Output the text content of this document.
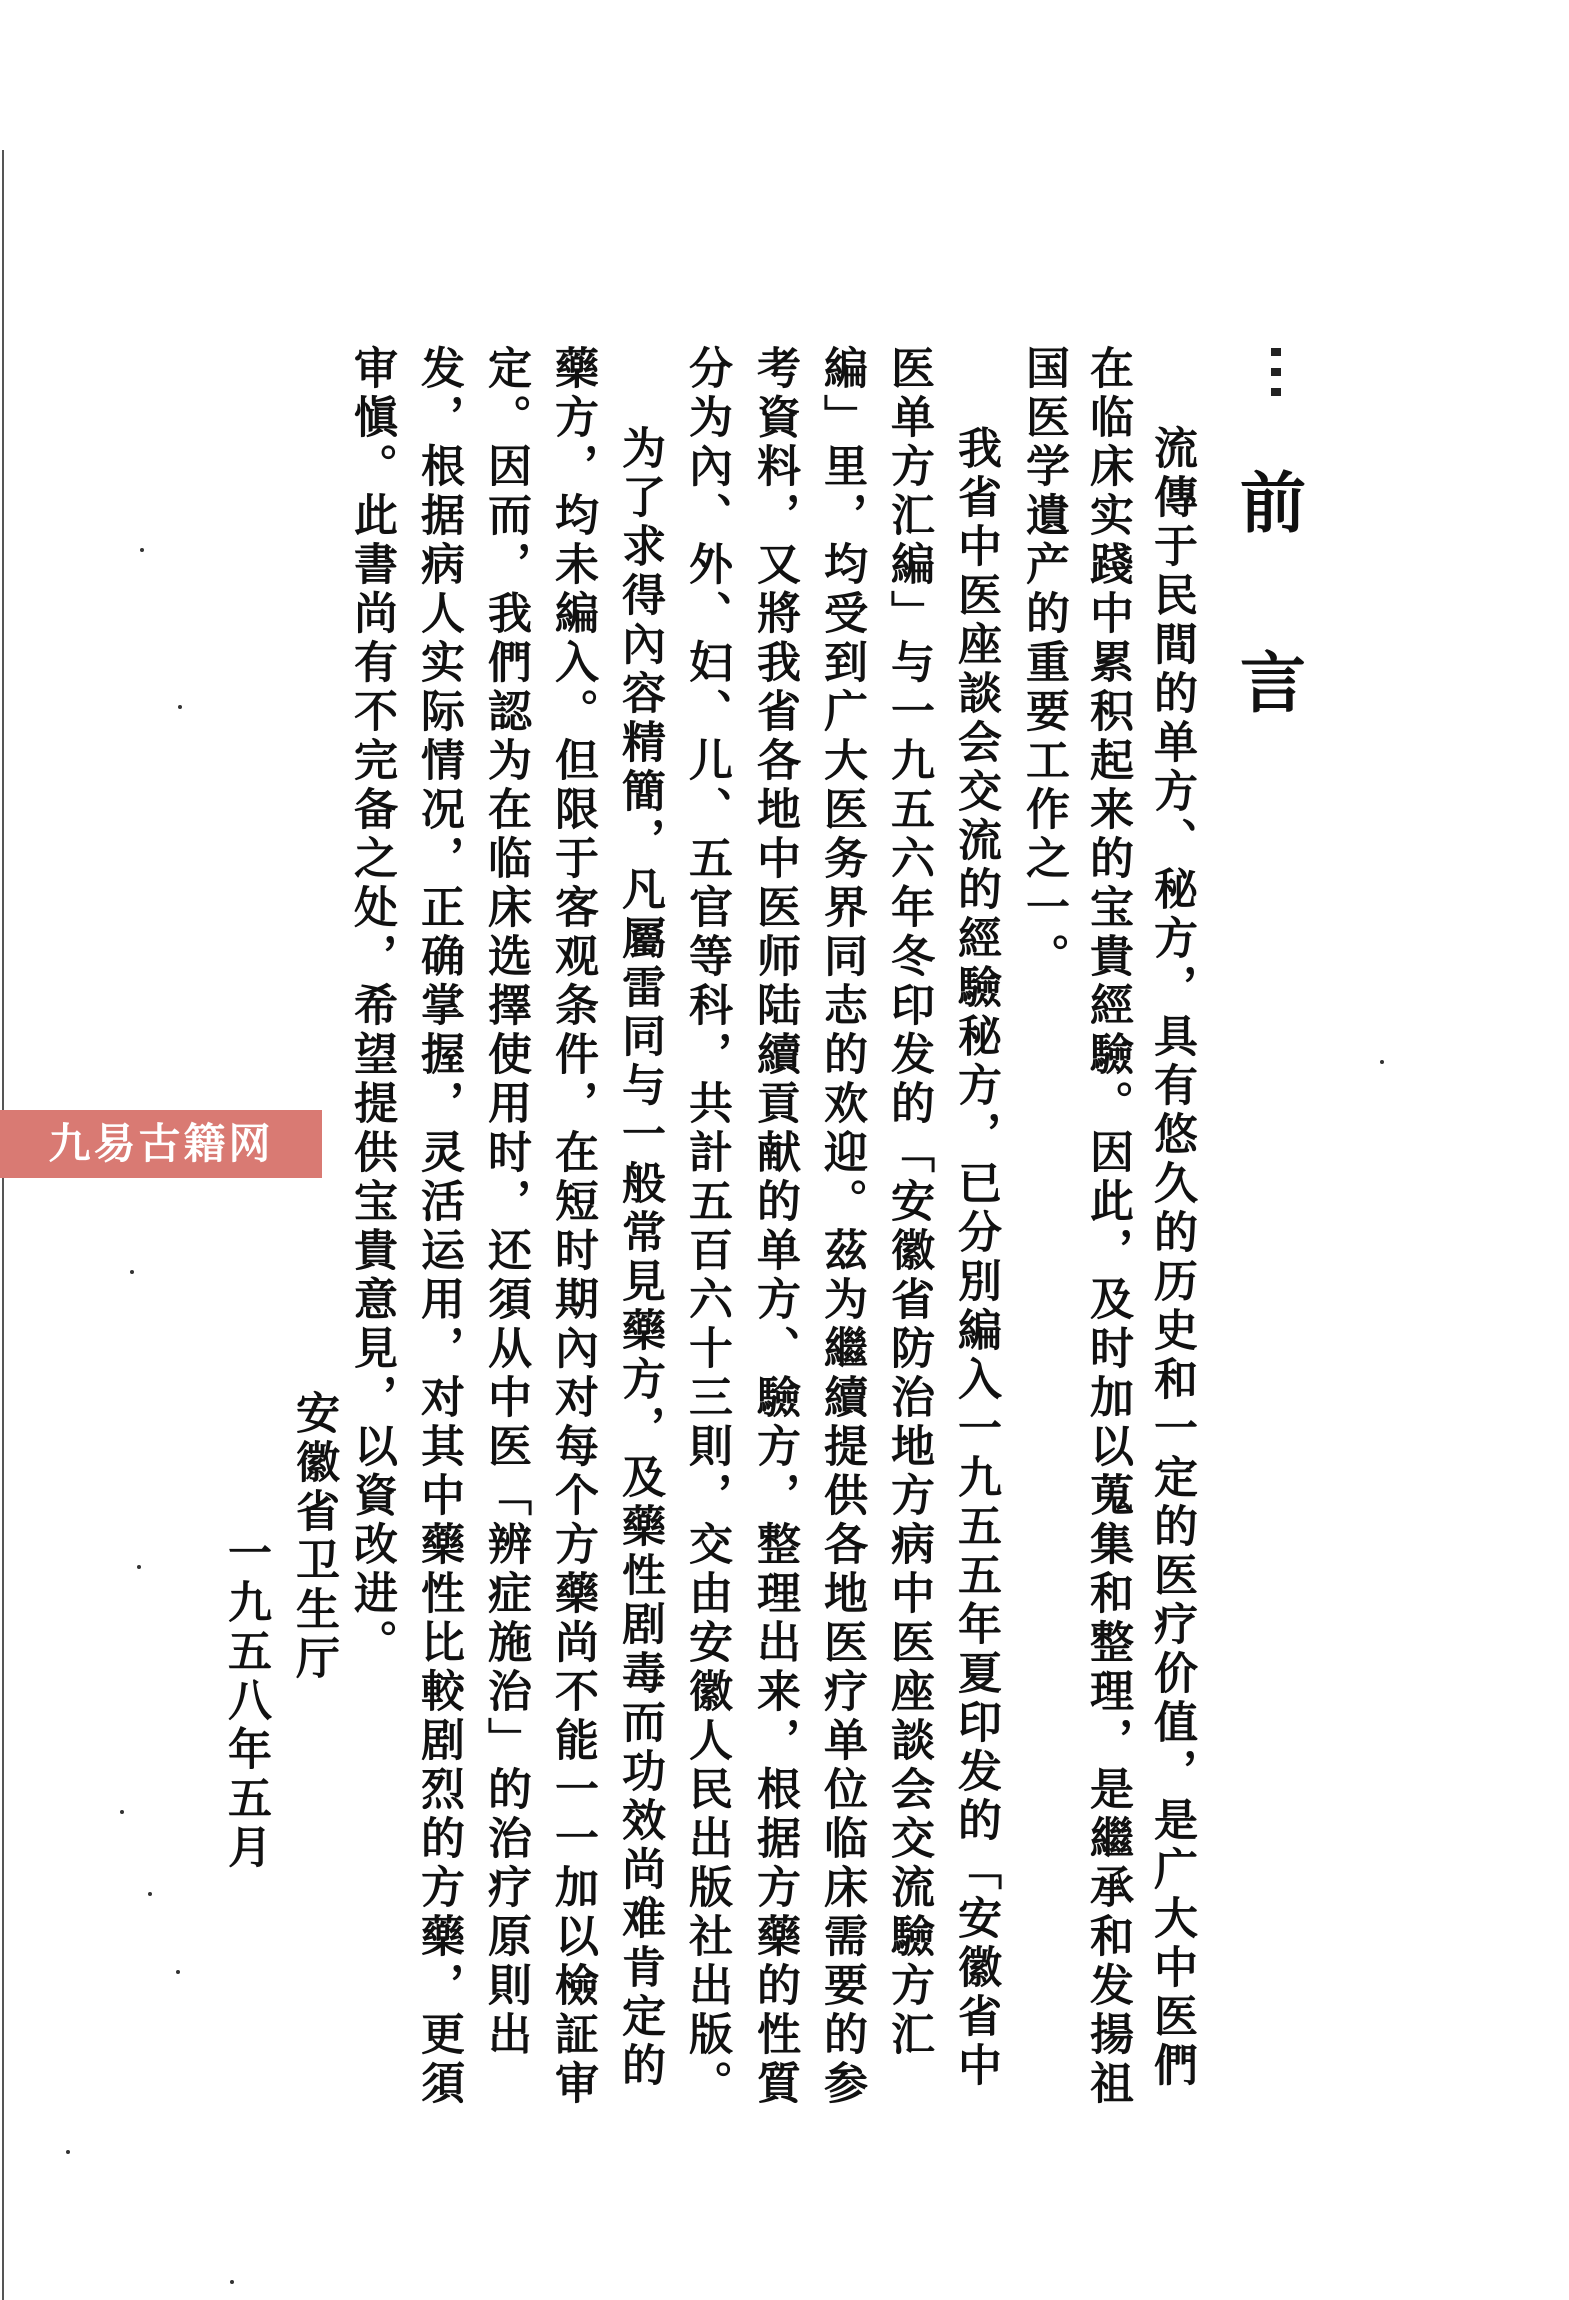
前
言
流傳于民間的单方、秘方，具有悠久的历史和一定的医疗价值，是广大中医們
在临床实踐中累积起来的宝貴經驗。因此，及时加以蒐集和整理，是繼承和发揚祖
国医学遺产的重要工作之一。
我省中医座談会交流的經驗秘方，已分別編入一九五五年夏印发的「安徽省中
医单方汇編」与一九五六年冬印发的「安徽省防治地方病中医座談会交流驗方汇
編」里，均受到广大医务界同志的欢迎。茲为繼續提供各地医疗单位临床需要的参
考資料，又將我省各地中医师陆續貢献的单方、驗方，整理出来，根据方藥的性質
分为內、外、妇、儿、五官等科，共計五百六十三則，交由安徽人民出版社出版。
为了求得內容精簡，凡屬雷同与一般常見藥方，及藥性剧毒而功效尚难肯定的
藥方，均未編入。但限于客观条件，在短时期內对每个方藥尚不能一一加以檢証审
定。因而，我們認为在临床选擇使用时，还須从中医「辨症施治」的治疗原則出
发，根据病人实际情况，正确掌握，灵活运用，对其中藥性比較剧烈的方藥，更須
审愼。此書尚有不完备之处，希望提供宝貴意見，以資改进。
安徽省卫生厅
一九五八年五月
九易古籍网
